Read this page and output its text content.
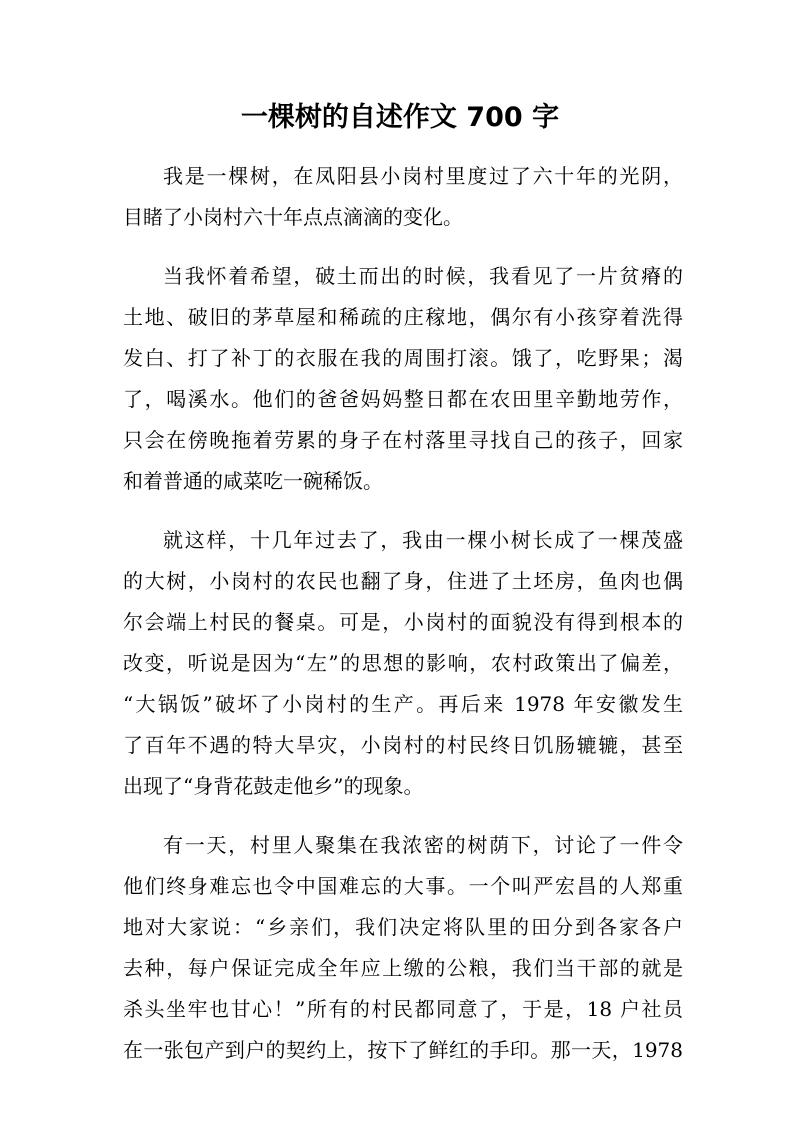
一棵树的自述作文 700 字

我是一棵树，在凤阳县小岗村里度过了六十年的光阴，
目睹了小岗村六十年点点滴滴的变化。

当我怀着希望，破土而出的时候，我看见了一片贫瘠的
土地、破旧的茅草屋和稀疏的庄稼地，偶尔有小孩穿着洗得
发白、打了补丁的衣服在我的周围打滚。饿了，吃野果；渴
了，喝溪水。他们的爸爸妈妈整日都在农田里辛勤地劳作，
只会在傍晚拖着劳累的身子在村落里寻找自己的孩子，回家
和着普通的咸菜吃一碗稀饭。

就这样，十几年过去了，我由一棵小树长成了一棵茂盛
的大树，小岗村的农民也翻了身，住进了土坯房，鱼肉也偶
尔会端上村民的餐桌。可是，小岗村的面貌没有得到根本的
改变，听说是因为“左”的思想的影响，农村政策出了偏差，
“大锅饭”破坏了小岗村的生产。再后来 1978 年安徽发生
了百年不遇的特大旱灾，小岗村的村民终日饥肠辘辘，甚至
出现了“身背花鼓走他乡”的现象。

有一天，村里人聚集在我浓密的树荫下，讨论了一件令
他们终身难忘也令中国难忘的大事。一个叫严宏昌的人郑重
地对大家说：“乡亲们，我们决定将队里的田分到各家各户
去种，每户保证完成全年应上缴的公粮，我们当干部的就是
杀头坐牢也甘心！”所有的村民都同意了，于是，18 户社员
在一张包产到户的契约上，按下了鲜红的手印。那一天，1978
